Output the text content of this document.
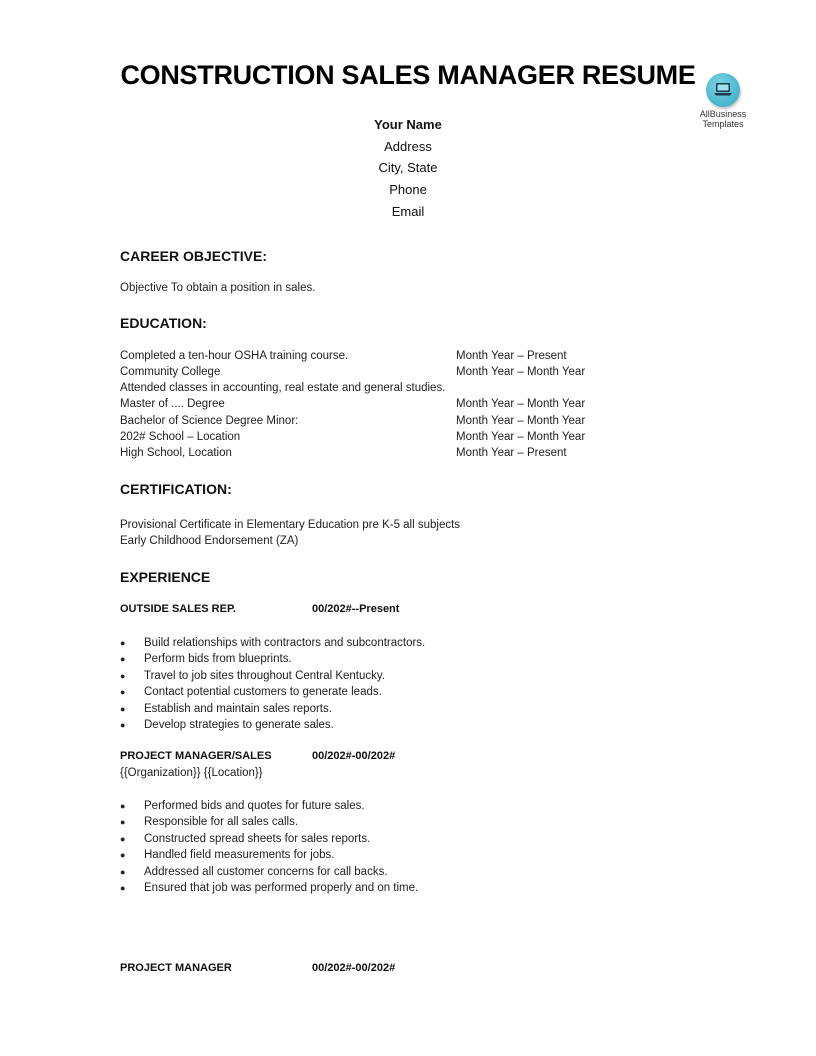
CONSTRUCTION SALES MANAGER RESUME
AllBusiness
Templates
Your Name
Address
City, State
Phone
Email
CAREER OBJECTIVE:
Objective To obtain a position in sales.
EDUCATION:
Completed a ten-hour OSHA training course.	Month Year – Present
Community College	Month Year – Month Year
Attended classes in accounting, real estate and general studies.
Master of .... Degree	Month Year – Month Year
Bachelor of Science Degree Minor:	Month Year – Month Year
202# School – Location	Month Year – Month Year
High School, Location	Month Year – Present
CERTIFICATION:
Provisional Certificate in Elementary Education pre K-5 all subjects
Early Childhood Endorsement (ZA)
EXPERIENCE
OUTSIDE SALES REP.	00/202#--Present
● Build relationships with contractors and subcontractors.
● Perform bids from blueprints.
● Travel to job sites throughout Central Kentucky.
● Contact potential customers to generate leads.
● Establish and maintain sales reports.
● Develop strategies to generate sales.
PROJECT MANAGER/SALES	00/202#-00/202#
{{Organization}} {{Location}}
● Performed bids and quotes for future sales.
● Responsible for all sales calls.
● Constructed spread sheets for sales reports.
● Handled field measurements for jobs.
● Addressed all customer concerns for call backs.
● Ensured that job was performed properly and on time.
PROJECT MANAGER	00/202#-00/202#
